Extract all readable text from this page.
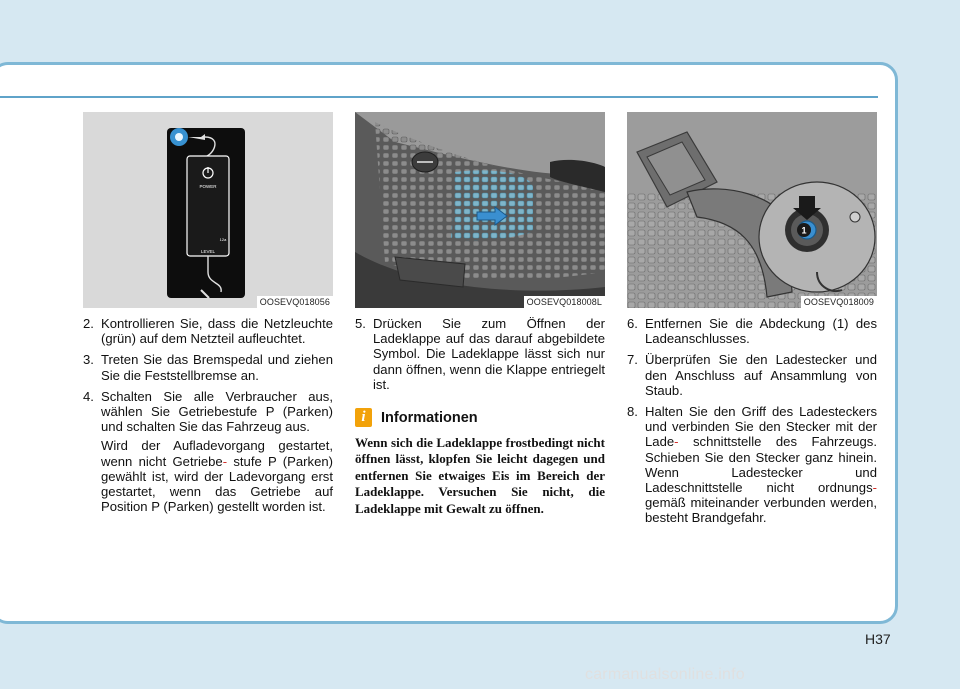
POWER
12a
LEVEL
OOSEVQ018056
2. Kontrollieren Sie, dass die Netzleuchte (grün) auf dem Netzteil aufleuchtet.
3. Treten Sie das Bremspedal und ziehen Sie die Feststellbremse an.
4. Schalten Sie alle Verbraucher aus, wählen Sie Getriebestufe P (Parken) und schalten Sie das Fahrzeug aus.
Wird der Aufladevorgang gestartet, wenn nicht Getriebe- stufe P (Parken) gewählt ist, wird der Ladevorgang erst gestartet, wenn das Getriebe auf Position P (Parken) gestellt worden ist.
OOSEVQ018008L
5. Drücken Sie zum Öffnen der Ladeklappe auf das darauf abgebildete Symbol. Die Ladeklappe lässt sich nur dann öffnen, wenn die Klappe entriegelt ist.
i	Informationen
Wenn sich die Ladeklappe frostbedingt nicht öffnen lässt, klopfen Sie leicht dagegen und entfernen Sie etwaiges Eis im Bereich der Ladeklappe. Versuchen Sie nicht, die Ladeklappe mit Gewalt zu öffnen.
1
OOSEVQ018009
6. Entfernen Sie die Abdeckung (1) des Ladeanschlusses.
7. Überprüfen Sie den Ladestecker und den Anschluss auf Ansammlung von Staub.
8. Halten Sie den Griff des Ladesteckers und verbinden Sie den Stecker mit der Lade- schnittstelle des Fahrzeugs. Schieben Sie den Stecker ganz hinein. Wenn Ladestecker und Ladeschnittstelle nicht ordnungs- gemäß miteinander verbunden werden, besteht Brandgefahr.
H37
carmanualsonline.info
